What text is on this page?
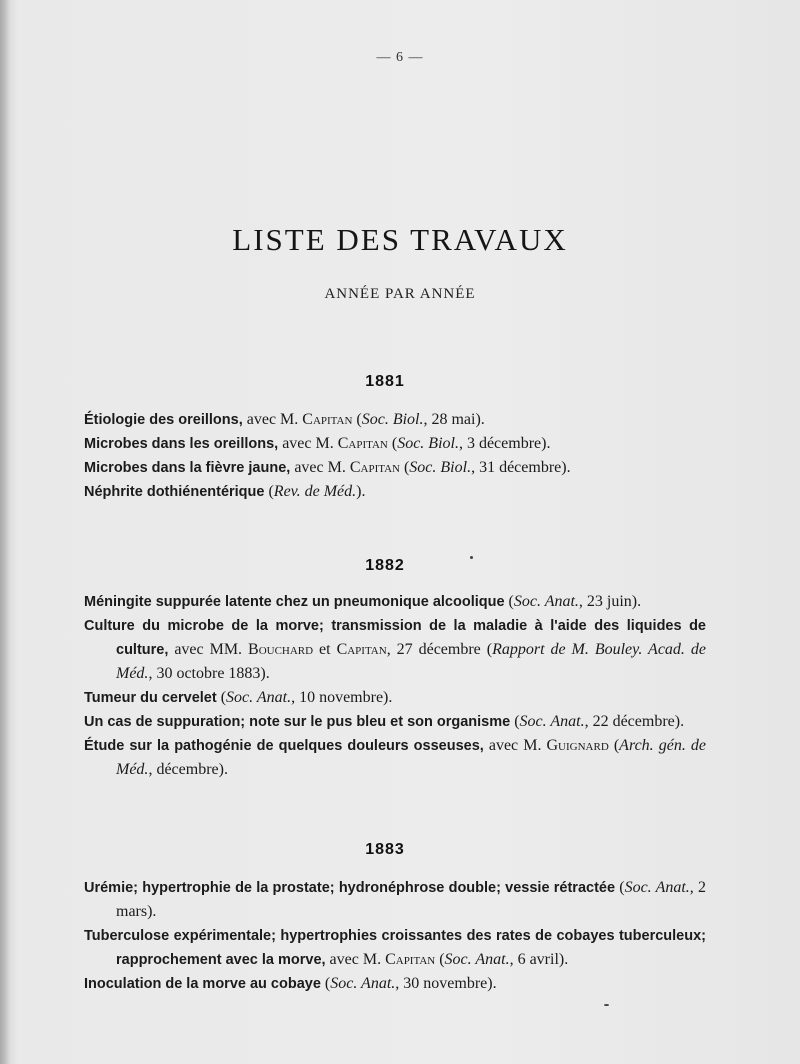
— 6 —
LISTE DES TRAVAUX
ANNÉE PAR ANNÉE
1881
Étiologie des oreillons, avec M. Capitan (Soc. Biol., 28 mai).
Microbes dans les oreillons, avec M. Capitan (Soc. Biol., 3 décembre).
Microbes dans la fièvre jaune, avec M. Capitan (Soc. Biol., 31 décembre).
Néphrite dothiénentérique (Rev. de Méd.).
1882
Méningite suppurée latente chez un pneumonique alcoolique (Soc. Anat., 23 juin).
Culture du microbe de la morve; transmission de la maladie à l'aide des liquides de culture, avec MM. Bouchard et Capitan, 27 décembre (Rapport de M. Bouley. Acad. de Méd., 30 octobre 1883).
Tumeur du cervelet (Soc. Anat., 10 novembre).
Un cas de suppuration; note sur le pus bleu et son organisme (Soc. Anat., 22 décembre).
Étude sur la pathogénie de quelques douleurs osseuses, avec M. Guignard (Arch. gén. de Méd., décembre).
1883
Urémie; hypertrophie de la prostate; hydronéphrose double; vessie rétractée (Soc. Anat., 2 mars).
Tuberculose expérimentale; hypertrophies croissantes des rates de cobayes tuberculeux; rapprochement avec la morve, avec M. Capitan (Soc. Anat., 6 avril).
Inoculation de la morve au cobaye (Soc. Anat., 30 novembre).
